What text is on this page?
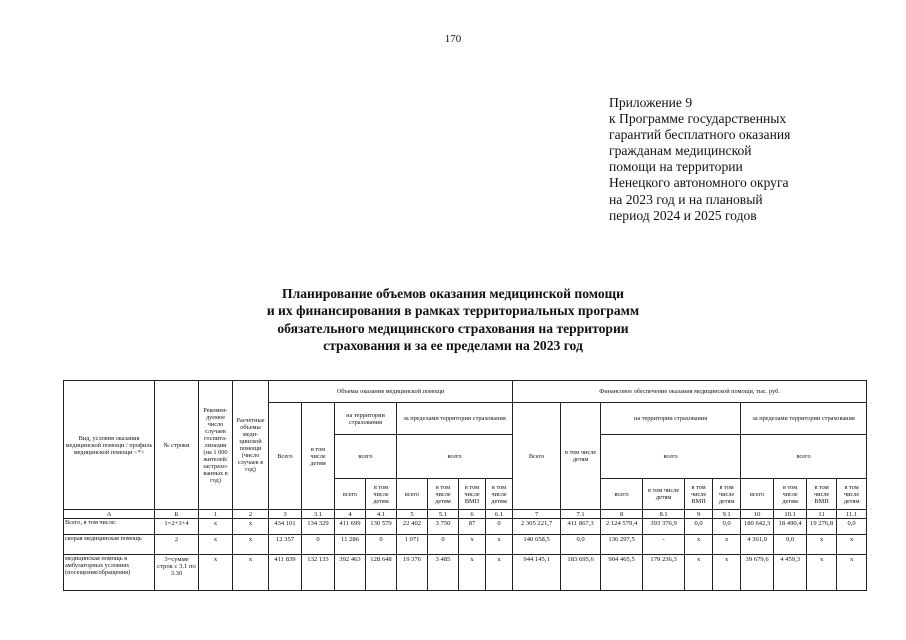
170
Приложение 9
к Программе государственных
гарантий бесплатного оказания
гражданам медицинской
помощи на территории
Ненецкого автономного округа
на 2023 год и на плановый
период 2024 и 2025 годов
Планирование объемов оказания медицинской помощи
и их финансирования в рамках территориальных программ
обязательного медицинского страхования на территории
страхования и за ее пределами на 2023 год
Вид, условия оказания медицинской помощи / профиль медицинской помощи <*>	№ строки	Рекомен-дуемое число случаев госпита-лизации (на 1 000 жителей/ застрахо-ванных в год)	Расчетные объемы меди-цинской помощи (число случаев в год)	Объемы оказания медицинской помощи								Финансовое обеспечение оказания медицинской помощи, тыс. руб.									
				Всего	в том числе детям	на территории страхования		за пределами территории страхования				Всего	в том числе детям	на территории страхования				за пределами территории страхования			
						всего		всего						всего				всего			
						всего	в том числе детям	всего	в том числе детям	в том числе ВМП	в том числе детям			всего	в том числе детям	в том числе ВМП	в том числе детям	всего	в том числе детям	в том числе ВМП	в том числе детям
А	Б	1	2	3	3.1	4	4.1	5	5.1	6	6.1	7	7.1	8	8.1	9	9.1	10	10.1	11	11.1
Всего, в том числе:	1=2+3+4	x	x	434 101	134 329	411 699	130 579	22 402	3 750	87	0	2 305 221,7	411 867,3	2 124 579,4	393 376,9	0,0	0,0	180 642,3	18 490,4	19 276,8	0,0
скорая медицинская помощь	2	x	x	12 357	0	11 286	0	1 071	0	x	x	140 658,5	0,0	136 297,5	-	x	x	4 361,0	0,0	x	x
медицинская помощь в амбулаторных условиях (посещения/обращения)	3=сумме строк с 3.1 по 3.30	x	x	411 839	132 133	392 463	128 648	19 376	3 485	x	x	944 145,1	183 695,6	904 465,5	179 236,3	x	x	39 679,6	4 459,3	x	x
